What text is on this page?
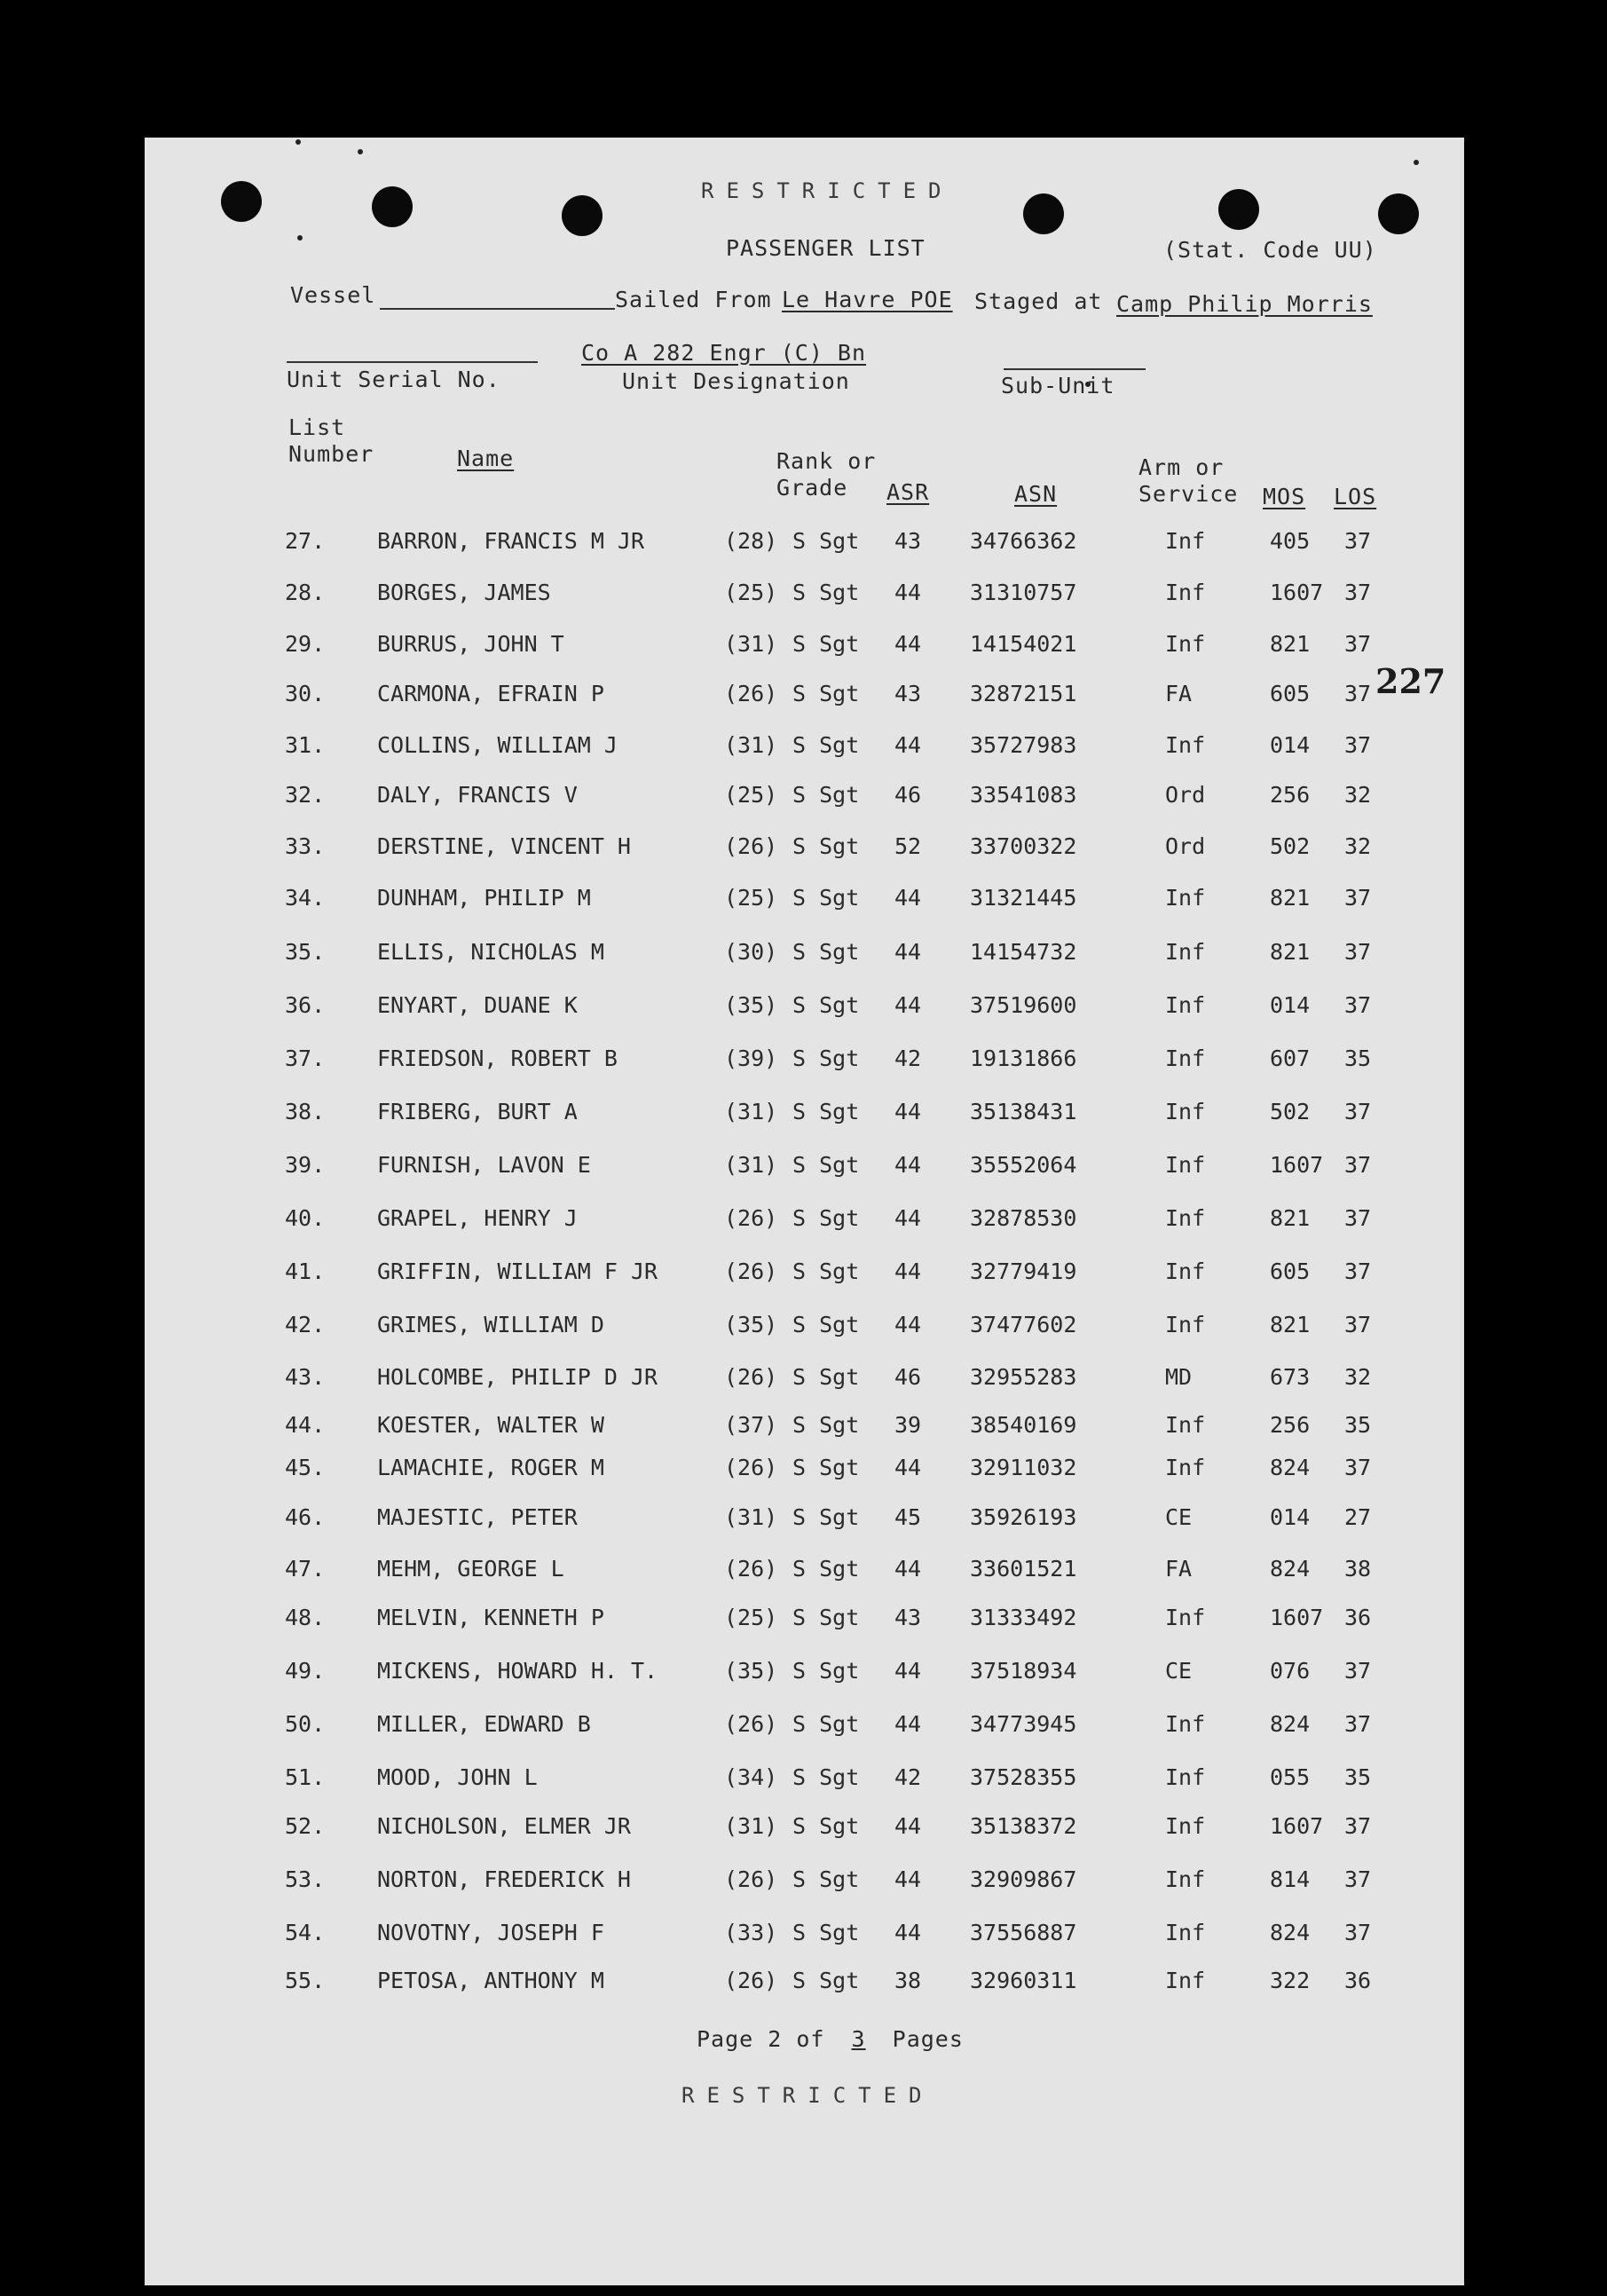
RESTRICTED
PASSENGER LIST	(Stat. Code UU)
Vessel	Sailed From Le Havre POE Staged at Camp Philip Morris
Co A 282 Engr (C) Bn
Unit Serial No.	Unit Designation	Sub-Unit
List
Number	Name	Rank or
Grade	ASR	ASN
Arm or
Service MOS LOS
227
27. BARRON, FRANCIS M JR	(28) S Sgt 43 34766362	Inf	405 37
28. BORGES, JAMES	(25) S Sgt 44 31310757	Inf	1607 37
29. BURRUS, JOHN T	(31) S Sgt 44 14154021	Inf	821 37
30. CARMONA, EFRAIN P	(26) S Sgt 43 32872151	FA	605 37
31. COLLINS, WILLIAM J	(31) S Sgt 44 35727983	Inf	014 37
32. DALY, FRANCIS V	(25) S Sgt 46 33541083	Ord	256 32
33. DERSTINE, VINCENT H	(26) S Sgt 52 33700322	Ord	502 32
34. DUNHAM, PHILIP M	(25) S Sgt 44 31321445	Inf	821 37
35. ELLIS, NICHOLAS M	(30) S Sgt 44 14154732	Inf	821 37
36. ENYART, DUANE K	(35) S Sgt 44 37519600	Inf	014 37
37. FRIEDSON, ROBERT B	(39) S Sgt 42 19131866	Inf	607 35
38. FRIBERG, BURT A	(31) S Sgt 44 35138431	Inf	502 37
39. FURNISH, LAVON E	(31) S Sgt 44 35552064	Inf	1607 37
40. GRAPEL, HENRY J	(26) S Sgt 44 32878530	Inf	821 37
41. GRIFFIN, WILLIAM F JR	(26) S Sgt 44 32779419	Inf	605 37
42. GRIMES, WILLIAM D	(35) S Sgt 44 37477602	Inf	821 37
43. HOLCOMBE, PHILIP D JR	(26) S Sgt 46 32955283	MD	673 32
44. KOESTER, WALTER W	(37) S Sgt 39 38540169	Inf	256 35
45. LAMACHIE, ROGER M	(26) S Sgt 44 32911032	Inf	824 37
46. MAJESTIC, PETER	(31) S Sgt 45 35926193	CE	014 27
47. MEHM, GEORGE L	(26) S Sgt 44 33601521	FA	824 38
48. MELVIN, KENNETH P	(25) S Sgt 43 31333492	Inf	1607 36
49. MICKENS, HOWARD H. T.	(35) S Sgt 44 37518934	CE	076 37
50. MILLER, EDWARD B	(26) S Sgt 44 34773945	Inf	824 37
51. MOOD, JOHN L	(34) S Sgt 42 37528355	Inf	055 35
52. NICHOLSON, ELMER JR	(31) S Sgt 44 35138372	Inf	1607 37
53. NORTON, FREDERICK H	(26) S Sgt 44 32909867	Inf	814 37
54. NOVOTNY, JOSEPH F	(33) S Sgt 44 37556887	Inf	824 37
55. PETOSA, ANTHONY M	(26) S Sgt 38 32960311	Inf	322 36
Page 2 of 3 Pages
RESTRICTED
